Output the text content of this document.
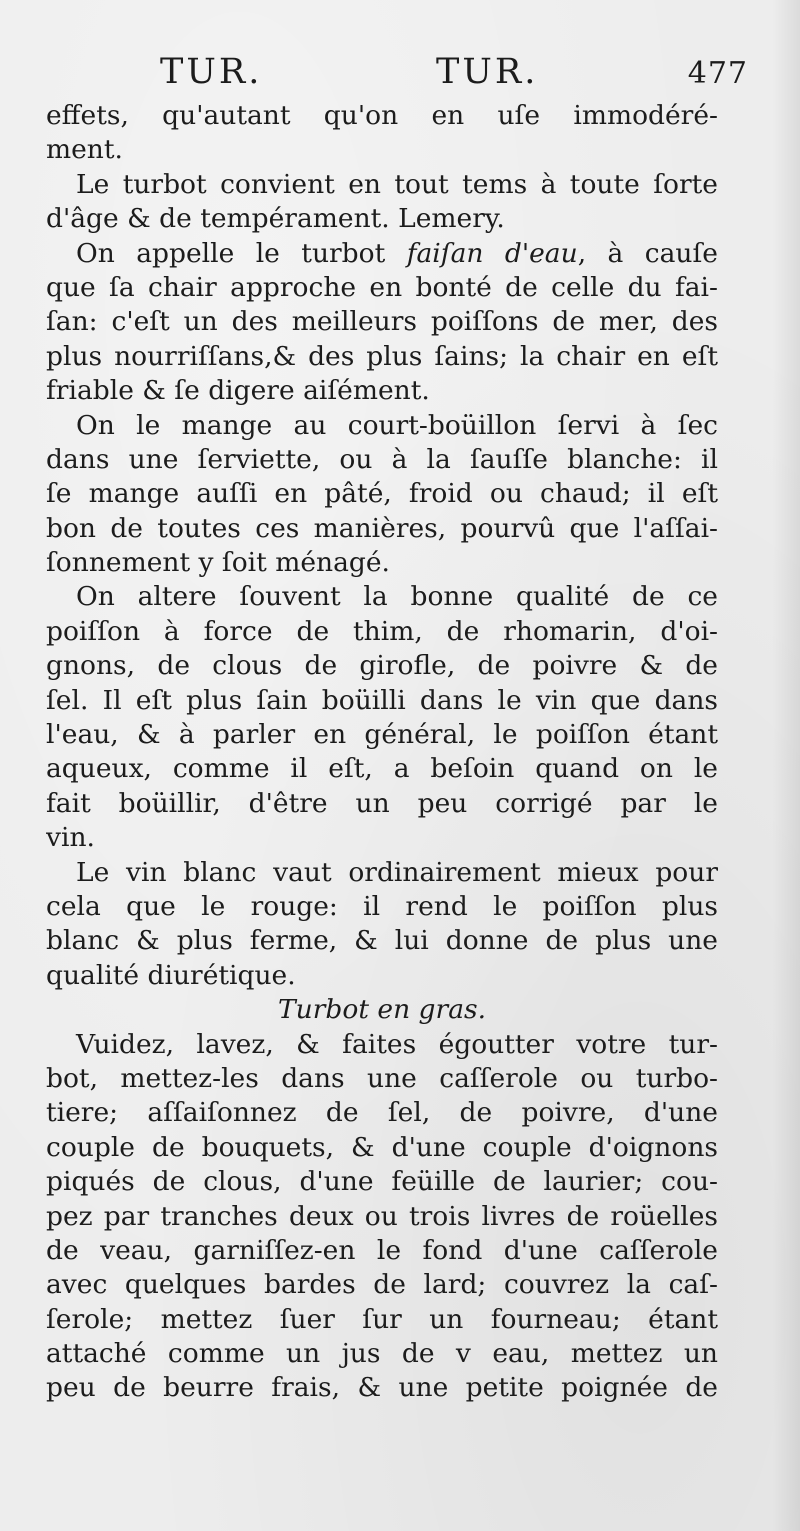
TUR.	TUR.	477
effets, qu'autant qu'on en uſe immodéré-
ment.
Le turbot convient en tout tems à toute ſorte
d'âge & de tempérament. Lemery.
On appelle le turbot faiſan d'eau, à cauſe
que ſa chair approche en bonté de celle du fai-
ſan: c'eſt un des meilleurs poiſſons de mer, des
plus nourriſſans,& des plus ſains; la chair en eſt
friable & ſe digere aiſément.
On le mange au court-boüillon ſervi à ſec
dans une ſerviette, ou à la ſauſſe blanche: il
ſe mange auſſi en pâté, froid ou chaud; il eſt
bon de toutes ces manières, pourvû que l'aſſai-
ſonnement y ſoit ménagé.
On altere ſouvent la bonne qualité de ce
poiſſon à force de thim, de rhomarin, d'oi-
gnons, de clous de girofle, de poivre & de
ſel. Il eſt plus ſain boüilli dans le vin que dans
l'eau, & à parler en général, le poiſſon étant
aqueux, comme il eſt, a beſoin quand on le
fait boüillir, d'être un peu corrigé par le
vin.
Le vin blanc vaut ordinairement mieux pour
cela que le rouge: il rend le poiſſon plus
blanc & plus ferme, & lui donne de plus une
qualité diurétique.
Turbot en gras.
Vuidez, lavez, & faites égoutter votre tur-
bot, mettez-les dans une caſſerole ou turbo-
tiere; aſſaiſonnez de ſel, de poivre, d'une
couple de bouquets, & d'une couple d'oignons
piqués de clous, d'une feüille de laurier; cou-
pez par tranches deux ou trois livres de roüelles
de veau, garniſſez-en le fond d'une caſſerole
avec quelques bardes de lard; couvrez la caſ-
ſerole; mettez ſuer ſur un fourneau; étant
attaché comme un jus de v eau, mettez un
peu de beurre frais, & une petite poignée de
